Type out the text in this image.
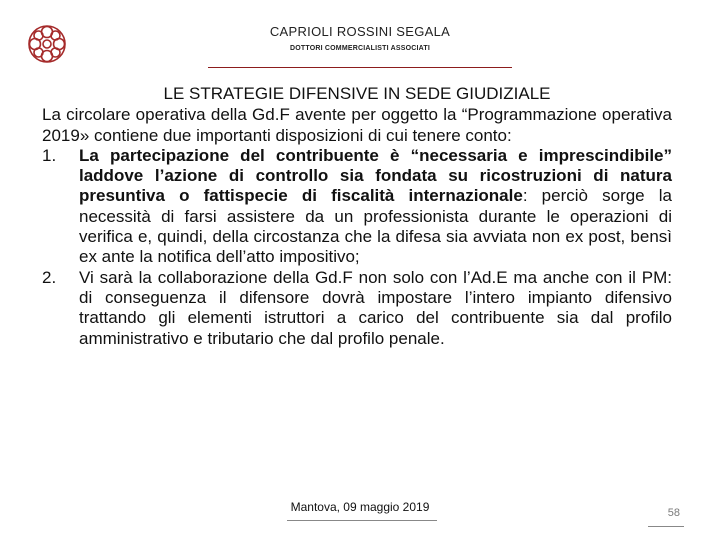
CAPRIOLI ROSSINI SEGALA
DOTTORI COMMERCIALISTI ASSOCIATI
LE STRATEGIE DIFENSIVE IN SEDE GIUDIZIALE

La circolare operativa della Gd.F avente per oggetto la “Programmazione operativa 2019» contiene due importanti disposizioni di cui tenere conto:

1.	La partecipazione del contribuente è “necessaria e imprescindibile” laddove l’azione di controllo sia fondata su ricostruzioni di natura presuntiva o fattispecie di fiscalità internazionale: perciò sorge la necessità di farsi assistere da un professionista durante le operazioni di verifica e, quindi, della circostanza che la difesa sia avviata non ex post, bensì ex ante la notifica dell’atto impositivo;
2.	Vi sarà la collaborazione della Gd.F non solo con l’Ad.E ma anche con il PM: di conseguenza il difensore dovrà impostare l’intero impianto difensivo trattando gli elementi istruttori a carico del contribuente sia dal profilo amministrativo e tributario che dal profilo penale.
Mantova, 09 maggio 2019	58
